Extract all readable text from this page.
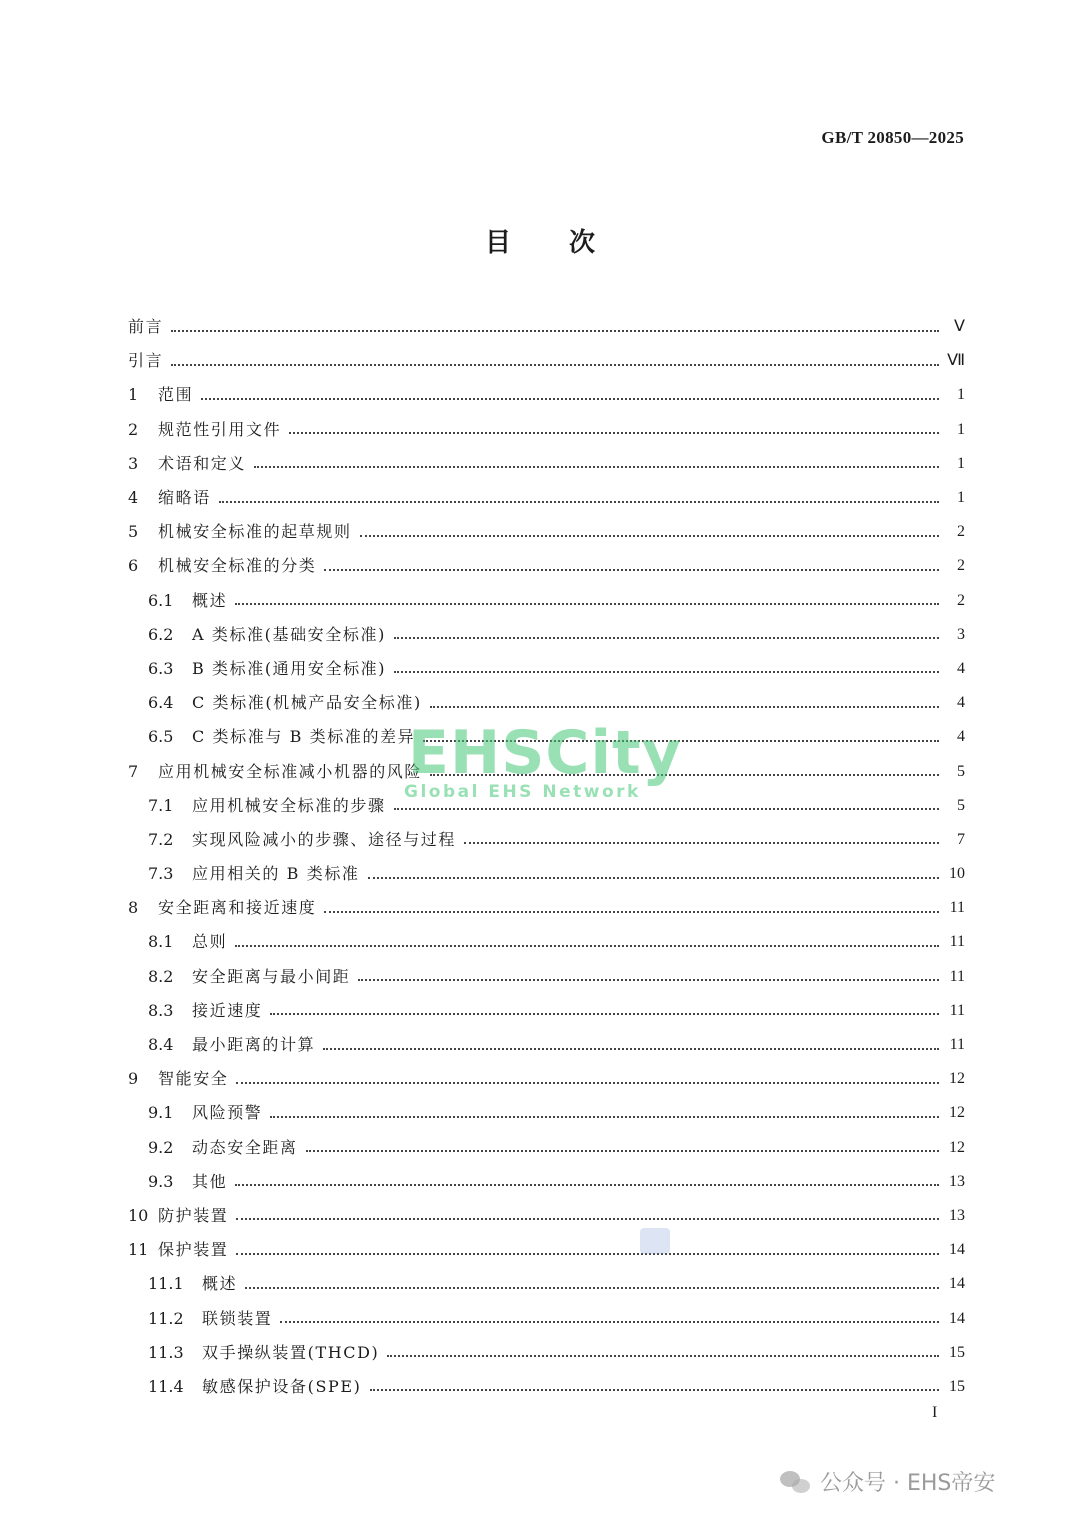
GB/T 20850—2025
目次
前言	Ⅴ
引言	Ⅶ
1	范围	1
2	规范性引用文件	1
3	术语和定义	1
4	缩略语	1
5	机械安全标准的起草规则	2
6	机械安全标准的分类	2
6.1	概述	2
6.2	A 类标准(基础安全标准)	3
6.3	B 类标准(通用安全标准)	4
6.4	C 类标准(机械产品安全标准)	4
6.5	C 类标准与 B 类标准的差异	4
7	应用机械安全标准减小机器的风险	5
7.1	应用机械安全标准的步骤	5
7.2	实现风险减小的步骤、途径与过程	7
7.3	应用相关的 B 类标准	10
8	安全距离和接近速度	11
8.1	总则	11
8.2	安全距离与最小间距	11
8.3	接近速度	11
8.4	最小距离的计算	11
9	智能安全	12
9.1	风险预警	12
9.2	动态安全距离	12
9.3	其他	13
10 防护装置	13
11 保护装置	14
11.1	概述	14
11.2	联锁装置	14
11.3	双手操纵装置(THCD)	15
11.4	敏感保护设备(SPE)	15
EHSCity
Global EHS Network
I
公众号 · EHS帝安
